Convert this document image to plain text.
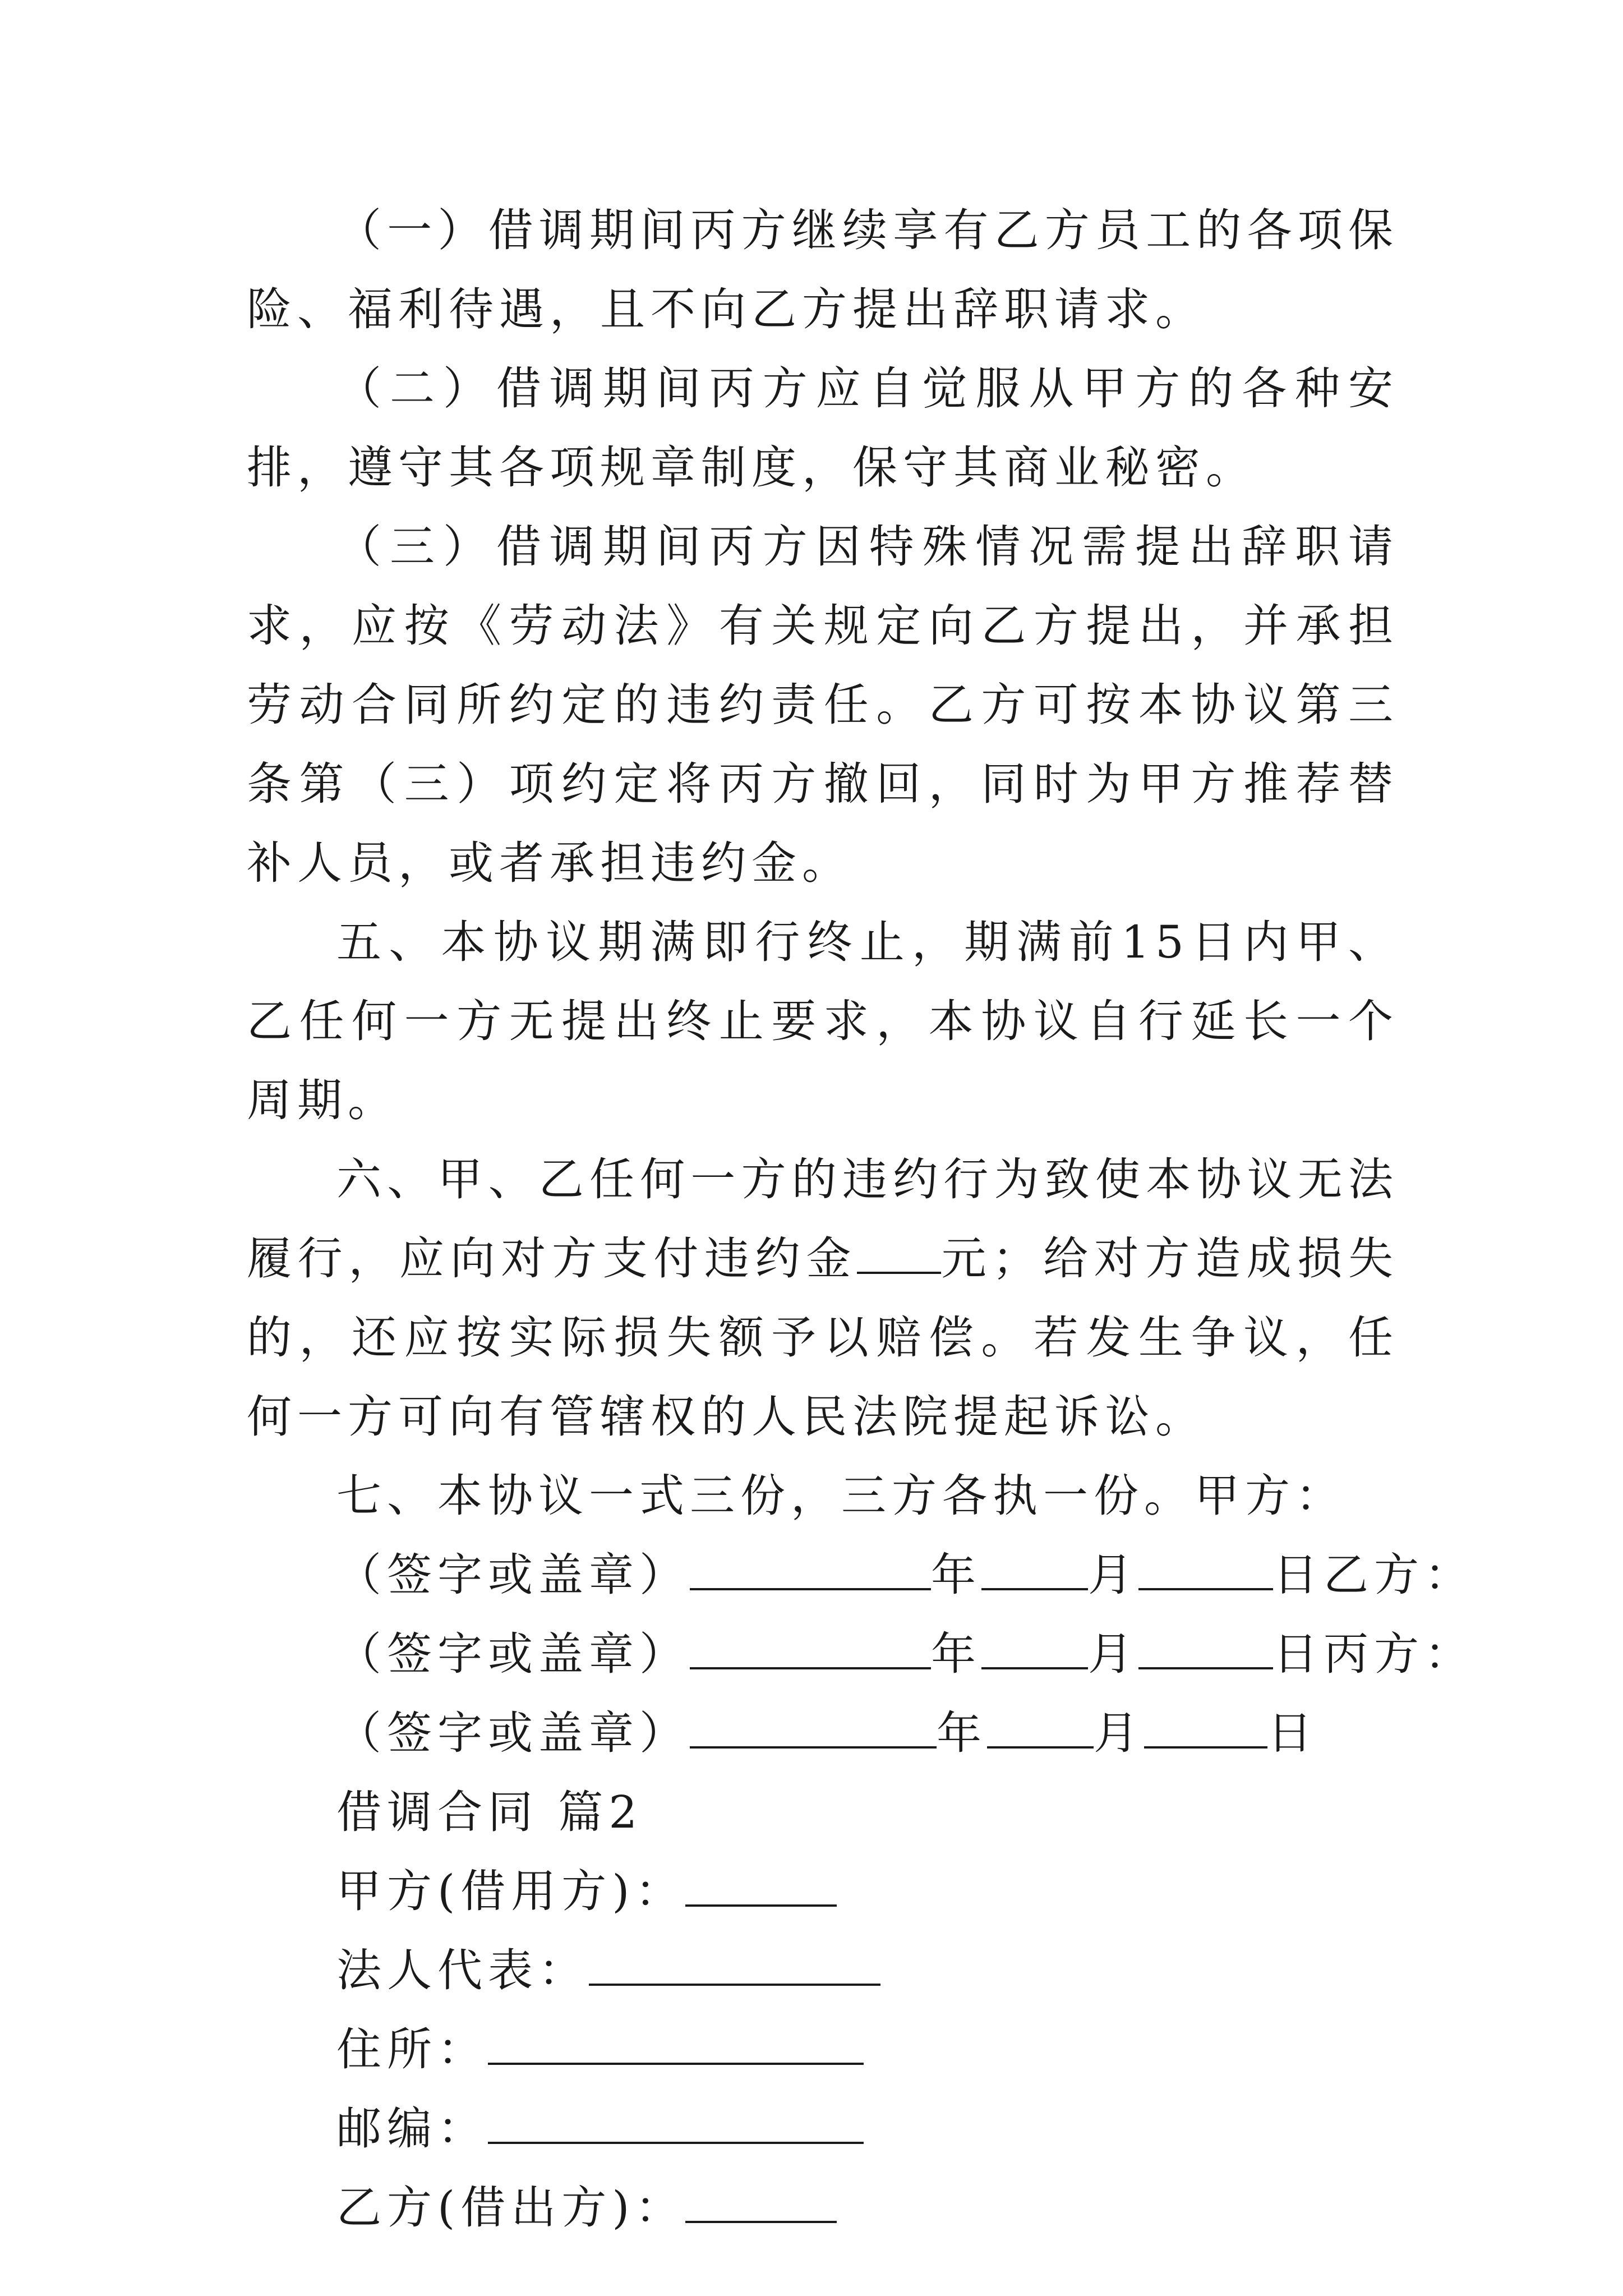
（一）借调期间丙方继续享有乙方员工的各项保险、福利待遇，且不向乙方提出辞职请求。

（二）借调期间丙方应自觉服从甲方的各种安排，遵守其各项规章制度，保守其商业秘密。

（三）借调期间丙方因特殊情况需提出辞职请求，应按《劳动法》有关规定向乙方提出，并承担劳动合同所约定的违约责任。乙方可按本协议第三条第（三）项约定将丙方撤回，同时为甲方推荐替补人员，或者承担违约金。

五、本协议期满即行终止，期满前15日内甲、乙任何一方无提出终止要求，本协议自行延长一个周期。

六、甲、乙任何一方的违约行为致使本协议无法履行，应向对方支付违约金 元；给对方造成损失的，还应按实际损失额予以赔偿。若发生争议，任何一方可向有管辖权的人民法院提起诉讼。

七、本协议一式三份，三方各执一份。甲方：

（签字或盖章）	年 月	日乙方：

（签字或盖章）	年 月	日丙方：

（签字或盖章）	年 月	日

借调合同 篇2

甲方(借用方)：

法人代表：

住所：

邮编：

乙方(借出方)：
